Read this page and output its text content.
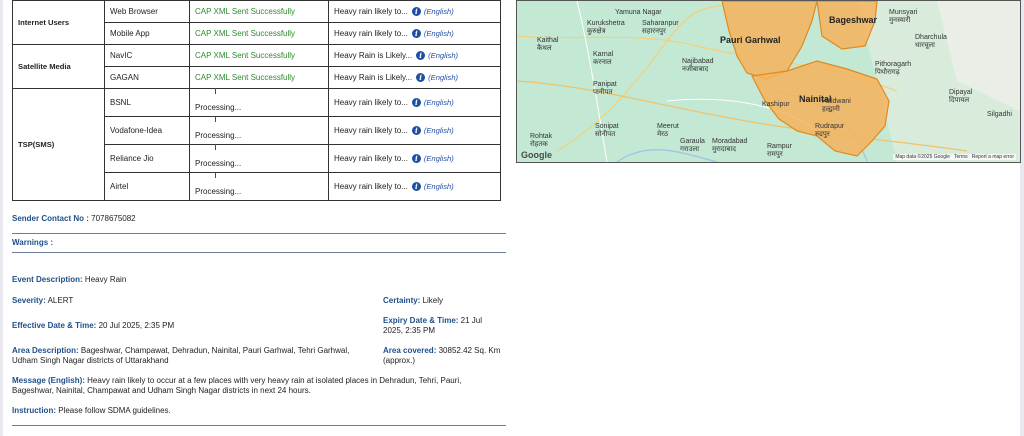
Internet Users	Web Browser	CAP XML Sent Successfully	Heavy rain likely to... i (English)

	Mobile App	CAP XML Sent Successfully	Heavy rain likely to... i (English)

Satellite Media	NavIC	CAP XML Sent Successfully	Heavy Rain is Likely... i (English)

	GAGAN	CAP XML Sent Successfully	Heavy Rain is Likely... i (English)

TSP(SMS)	BSNL	Processing...	Heavy rain likely to... i (English)

	Vodafone-Idea	Processing...	Heavy rain likely to... i (English)

	Reliance Jio	Processing...	Heavy rain likely to... i (English)

	Airtel	Processing...	Heavy rain likely to... i (English)
Pauri Garhwal
Bageshwar
Nainital
Kurukshetra
कुरुक्षेत्र
Saharanpur
सहारनपुर
Yamuna Nagar
Kaithal
कैथल
Karnal
करनाल
Panipat
पानीपत
Rohtak
रोहतक
Sonipat
सोनीपत
Meerut
मेरठ
Najibabad
नजीबाबाद
Moradabad
मुरादाबाद	Rampur
रामपुर
Garaula
गराउला
Pithoragarh
पिथौरागढ़
Munsyari
मुनस्यारी
Dharchula
धारचूला
Dipayal
दिपायल
Silgadhi
Haldwani
हल्द्वानी
Rudrapur
रुद्रपुर
Kashipur
Google	Map data ©2025 Google Terms Report a map error
Sender Contact No : 7078675082
Warnings :
Event Description: Heavy Rain
Severity: ALERT	Certainty: Likely
Effective Date & Time: 20 Jul 2025, 2:35 PM
Expiry Date & Time: 21 Jul 2025, 2:35 PM
Area Description: Bageshwar, Champawat, Dehradun, Nainital, Pauri Garhwal, Tehri Garhwal, Udham Singh Nagar districts of Uttarakhand
Area covered: 30852.42 Sq. Km (approx.)
Message (English): Heavy rain likely to occur at a few places with very heavy rain at isolated places in Dehradun, Tehri, Pauri, Bageshwar, Nainital, Champawat and Udham Singh Nagar districts in next 24 hours.
Instruction: Please follow SDMA guidelines.
